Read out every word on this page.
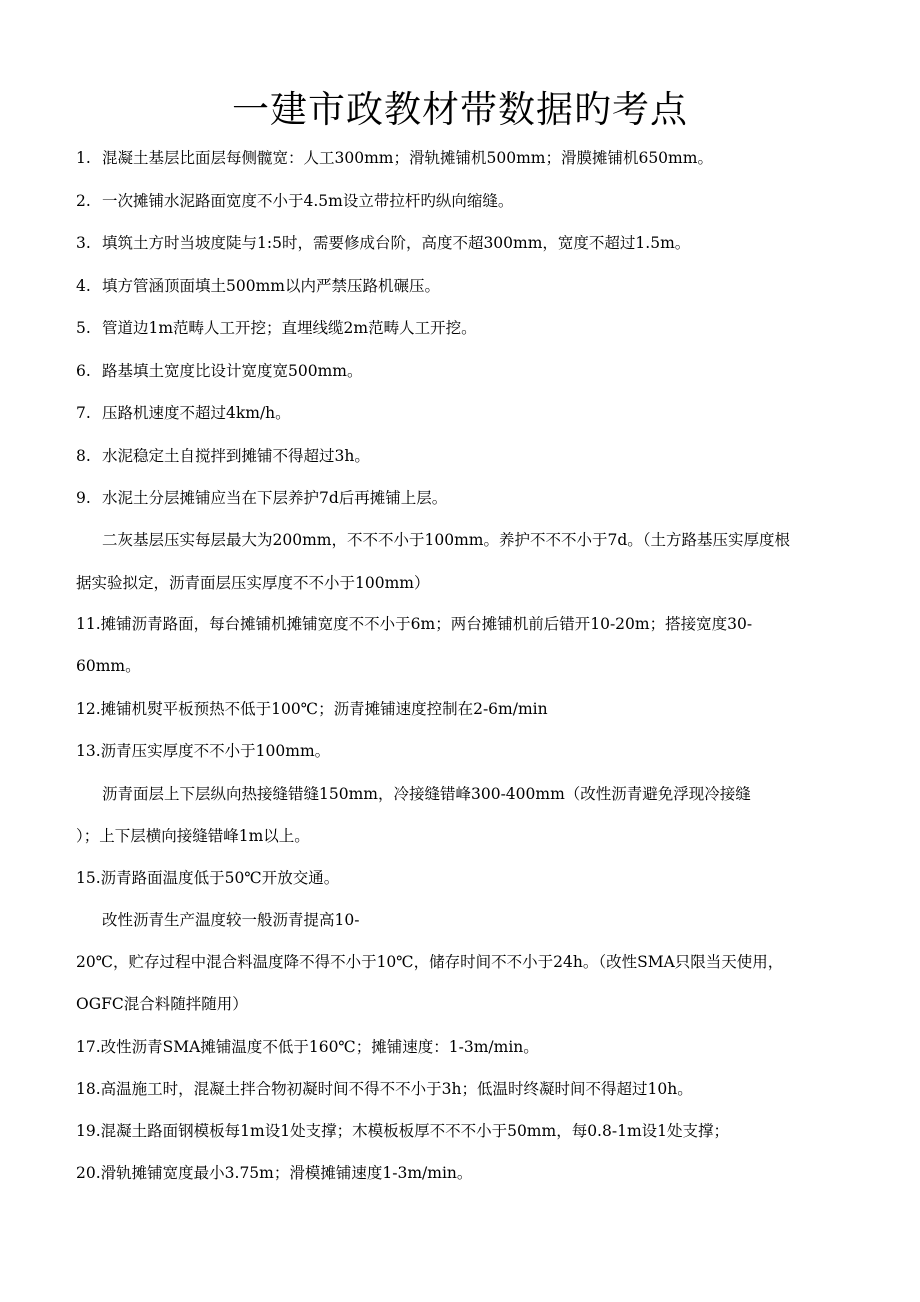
一建市政教材带数据旳考点
1. 混凝土基层比面层每侧髋宽：人工300mm；滑轨摊铺机500mm；滑膜摊铺机650mm。
2. 一次摊铺水泥路面宽度不小于4.5m设立带拉杆旳纵向缩缝。
3. 填筑土方时当坡度陡与1:5时，需要修成台阶，高度不超300mm，宽度不超过1.5m。
4. 填方管涵顶面填土500mm以内严禁压路机碾压。
5. 管道边1m范畴人工开挖；直埋线缆2m范畴人工开挖。
6. 路基填土宽度比设计宽度宽500mm。
7. 压路机速度不超过4km/h。
8. 水泥稳定土自搅拌到摊铺不得超过3h。
9. 水泥土分层摊铺应当在下层养护7d后再摊铺上层。
二灰基层压实每层最大为200mm，不不不小于100mm。养护不不不小于7d。（土方路基压实厚度根
据实验拟定，沥青面层压实厚度不不小于100mm）
11.摊铺沥青路面，每台摊铺机摊铺宽度不不小于6m；两台摊铺机前后错开10-20m；搭接宽度30-
60mm。
12.摊铺机熨平板预热不低于100℃；沥青摊铺速度控制在2-6m/min
13.沥青压实厚度不不小于100mm。
沥青面层上下层纵向热接缝错缝150mm，冷接缝错峰300-400mm（改性沥青避免浮现冷接缝
）；上下层横向接缝错峰1m以上。
15.沥青路面温度低于50℃开放交通。
改性沥青生产温度较一般沥青提高10-
20℃，贮存过程中混合料温度降不得不小于10℃，储存时间不不小于24h。（改性SMA只限当天使用，
OGFC混合料随拌随用）
17.改性沥青SMA摊铺温度不低于160℃；摊铺速度：1-3m/min。
18.高温施工时，混凝土拌合物初凝时间不得不不小于3h；低温时终凝时间不得超过10h。
19.混凝土路面钢模板每1m设1处支撑；木模板板厚不不不小于50mm，每0.8-1m设1处支撑；
20.滑轨摊铺宽度最小3.75m；滑模摊铺速度1-3m/min。
